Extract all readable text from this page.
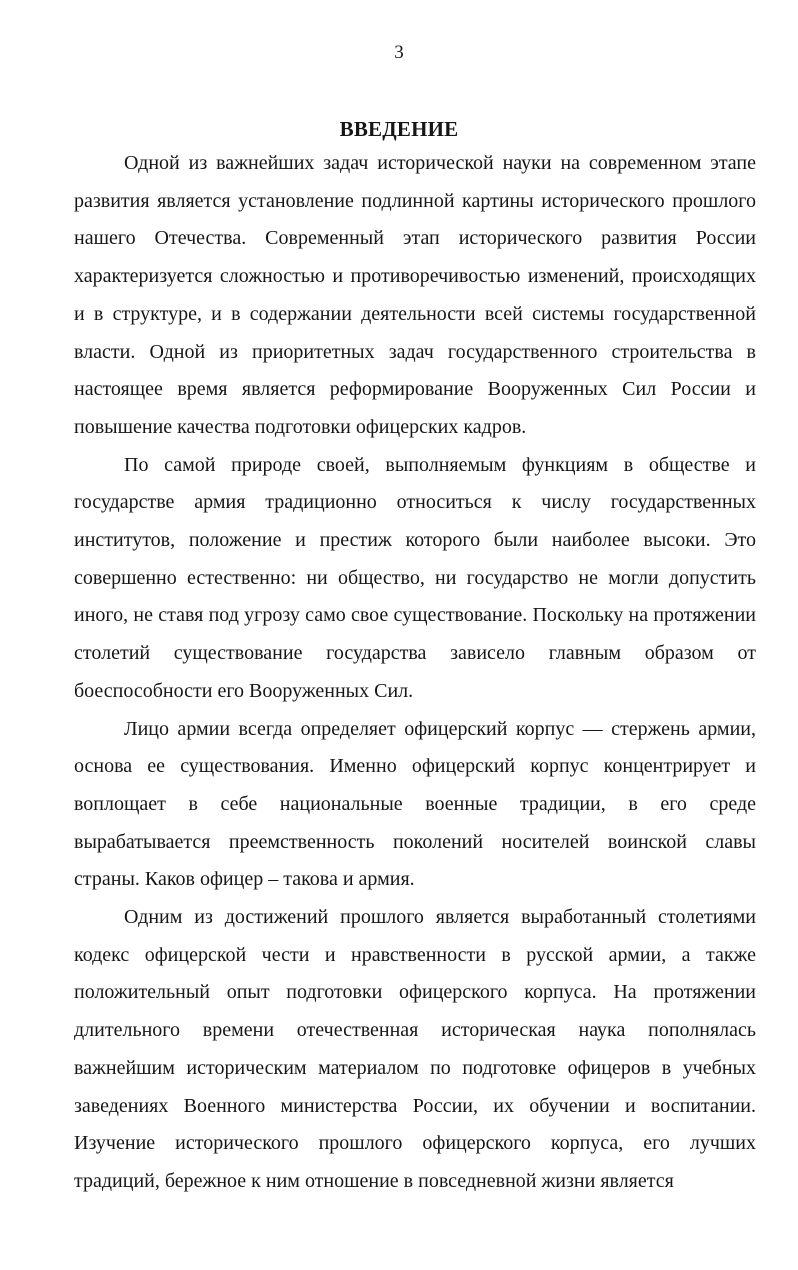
3
ВВЕДЕНИЕ

Одной из важнейших задач исторической науки на современном этапе развития является установление подлинной картины исторического прошлого нашего Отечества. Современный этап исторического развития России характеризуется сложностью и противоречивостью изменений, происходящих и в структуре, и в содержании деятельности всей системы государственной власти. Одной из приоритетных задач государственного строительства в настоящее время является реформирование Вооруженных Сил России и повышение качества подготовки офицерских кадров.

По самой природе своей, выполняемым функциям в обществе и государстве армия традиционно относиться к числу государственных институтов, положение и престиж которого были наиболее высоки. Это совершенно естественно: ни общество, ни государство не могли допустить иного, не ставя под угрозу само свое существование. Поскольку на протяжении столетий существование государства зависело главным образом от боеспособности его Вооруженных Сил.

Лицо армии всегда определяет офицерский корпус — стержень армии, основа ее существования. Именно офицерский корпус концентрирует и воплощает в себе национальные военные традиции, в его среде вырабатывается преемственность поколений носителей воинской славы страны. Каков офицер – такова и армия.

Одним из достижений прошлого является выработанный столетиями кодекс офицерской чести и нравственности в русской армии, а также положительный опыт подготовки офицерского корпуса. На протяжении длительного времени отечественная историческая наука пополнялась важнейшим историческим материалом по подготовке офицеров в учебных заведениях Военного министерства России, их обучении и воспитании. Изучение исторического прошлого офицерского корпуса, его лучших традиций, бережное к ним отношение в повседневной жизни является
